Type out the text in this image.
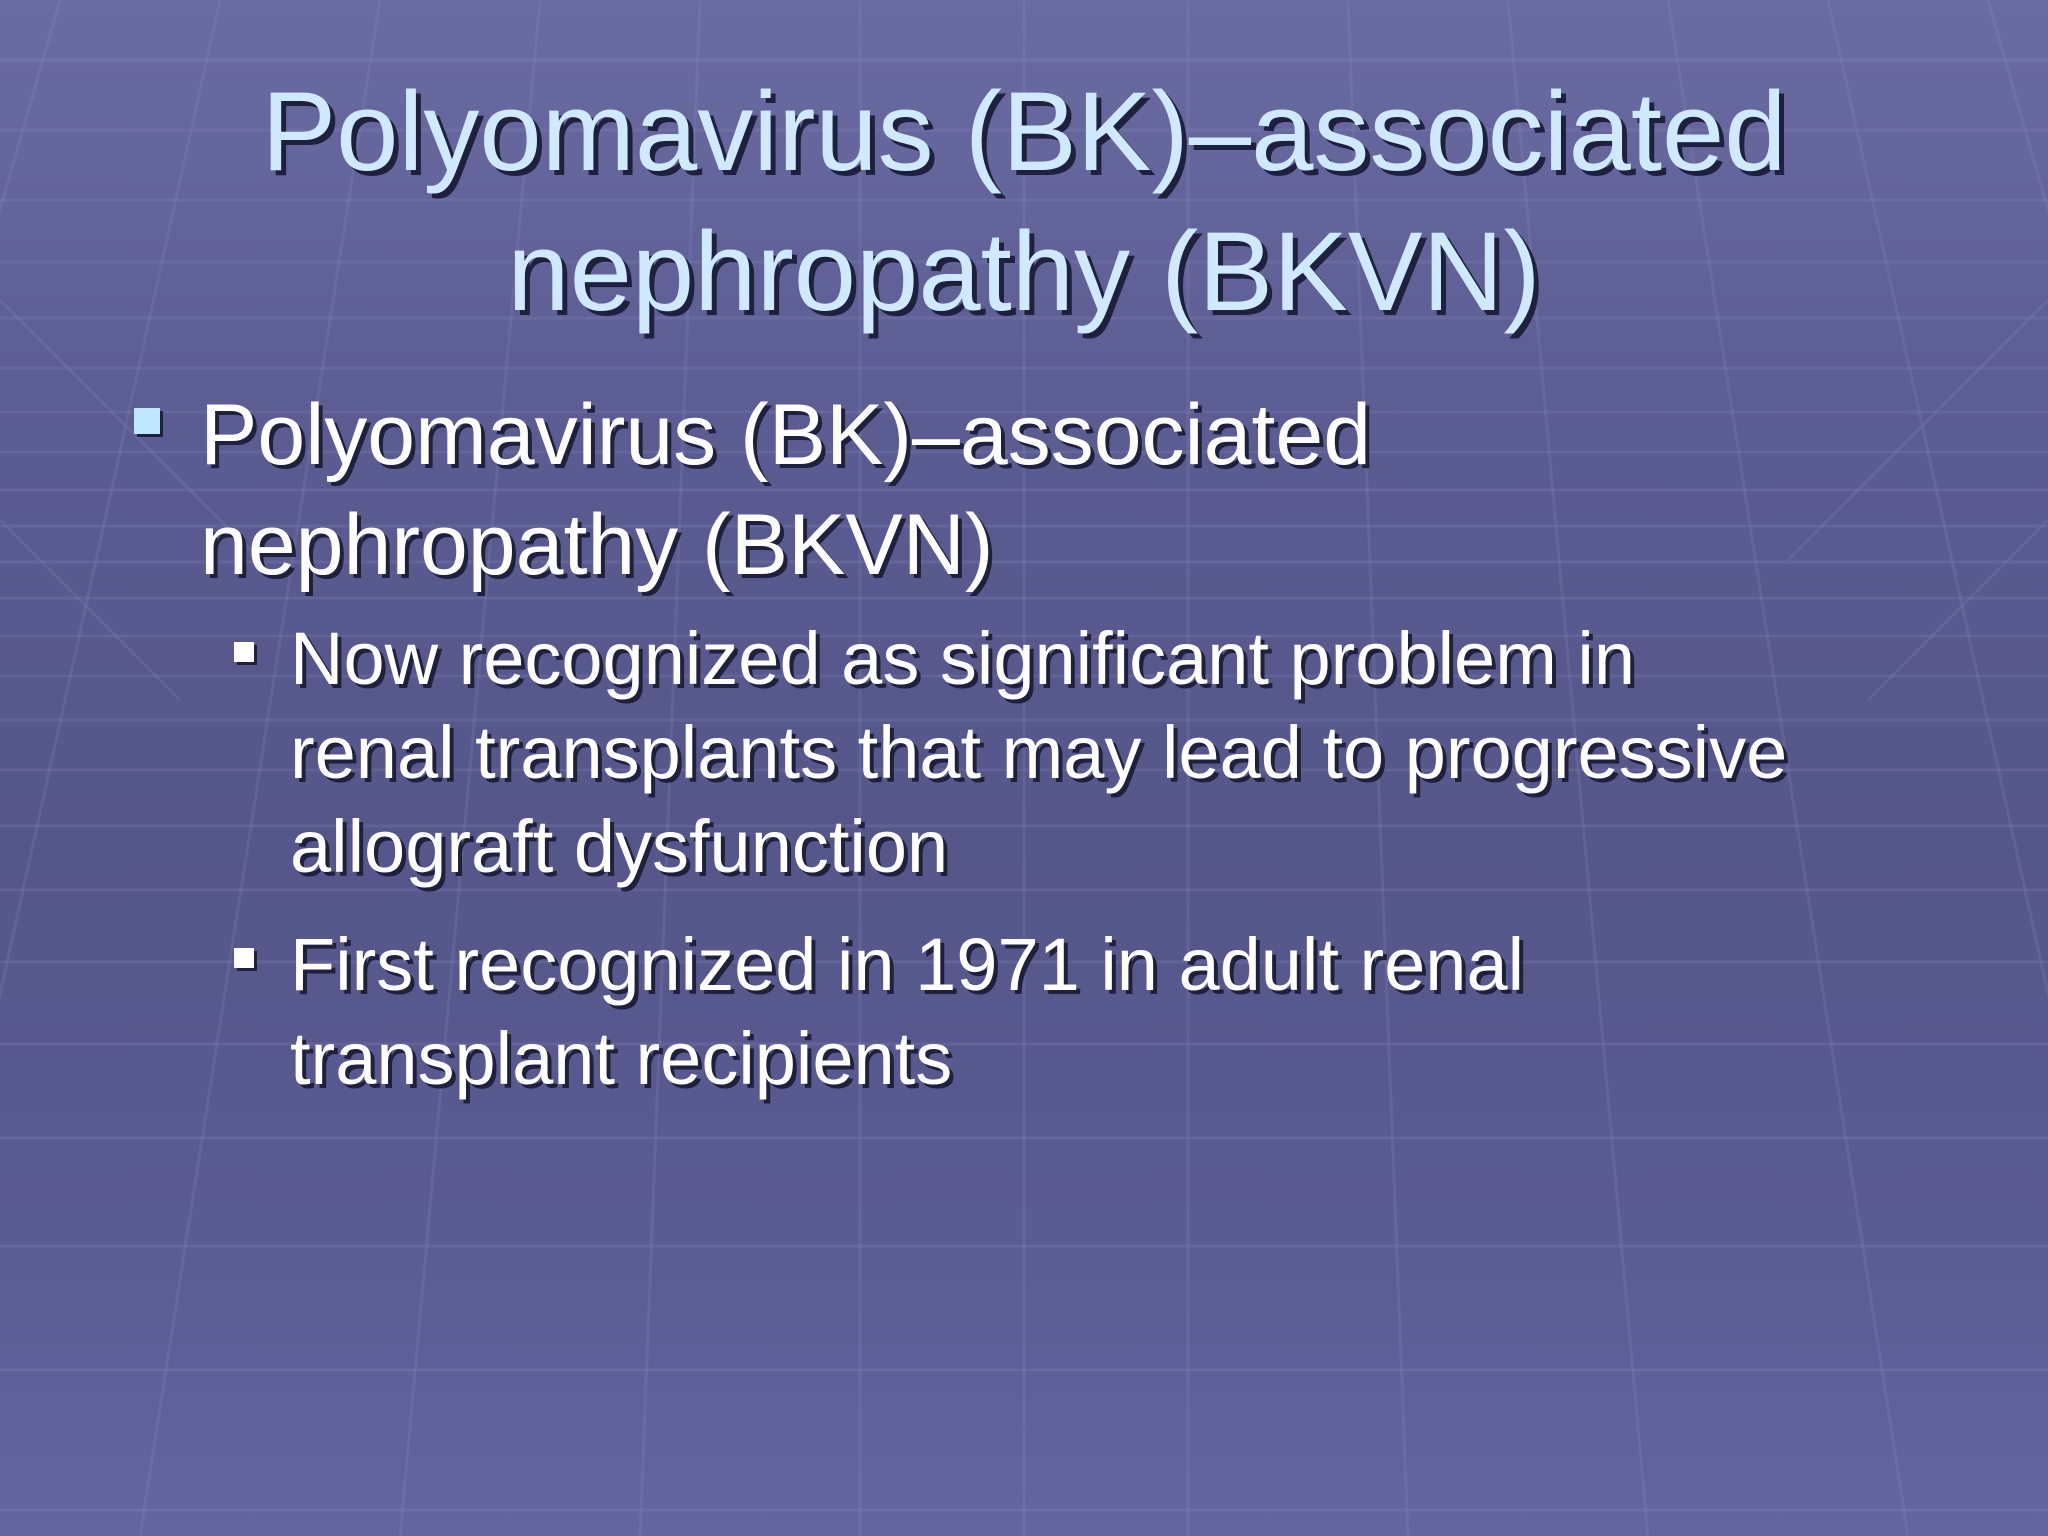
Polyomavirus (BK)–associated
nephropathy (BKVN)
Polyomavirus (BK)–associated
nephropathy (BKVN)
Now recognized as significant problem in
renal transplants that may lead to progressive
allograft dysfunction
First recognized in 1971 in adult renal
transplant recipients
